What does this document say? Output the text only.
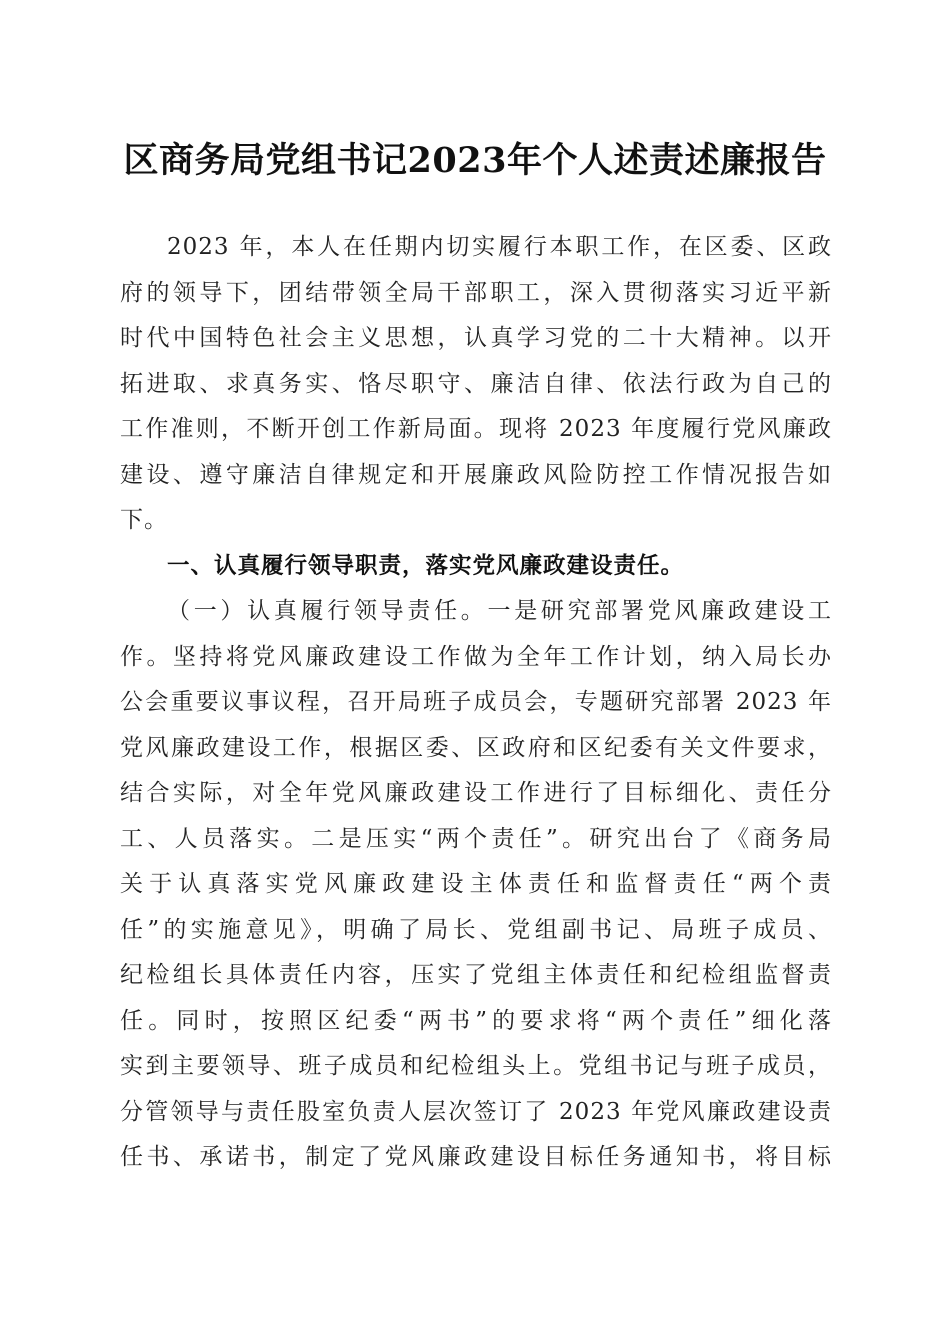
区商务局党组书记2023年个人述责述廉报告
2023 年，本人在任期内切实履行本职工作，在区委、区政
府的领导下，团结带领全局干部职工，深入贯彻落实习近平新
时代中国特色社会主义思想，认真学习党的二十大精神。以开
拓进取、求真务实、恪尽职守、廉洁自律、依法行政为自己的
工作准则，不断开创工作新局面。现将 2023 年度履行党风廉政
建设、遵守廉洁自律规定和开展廉政风险防控工作情况报告如
下。
一、认真履行领导职责，落实党风廉政建设责任。
（一）认真履行领导责任。一是研究部署党风廉政建设工
作。坚持将党风廉政建设工作做为全年工作计划，纳入局长办
公会重要议事议程，召开局班子成员会，专题研究部署 2023 年
党风廉政建设工作，根据区委、区政府和区纪委有关文件要求，
结合实际，对全年党风廉政建设工作进行了目标细化、责任分
工、人员落实。二是压实“两个责任”。研究出台了《商务局
关于认真落实党风廉政建设主体责任和监督责任“两个责
任”的实施意见》，明确了局长、党组副书记、局班子成员、
纪检组长具体责任内容，压实了党组主体责任和纪检组监督责
任。同时，按照区纪委“两书”的要求将“两个责任”细化落
实到主要领导、班子成员和纪检组头上。党组书记与班子成员，
分管领导与责任股室负责人层次签订了 2023 年党风廉政建设责
任书、承诺书，制定了党风廉政建设目标任务通知书，将目标
